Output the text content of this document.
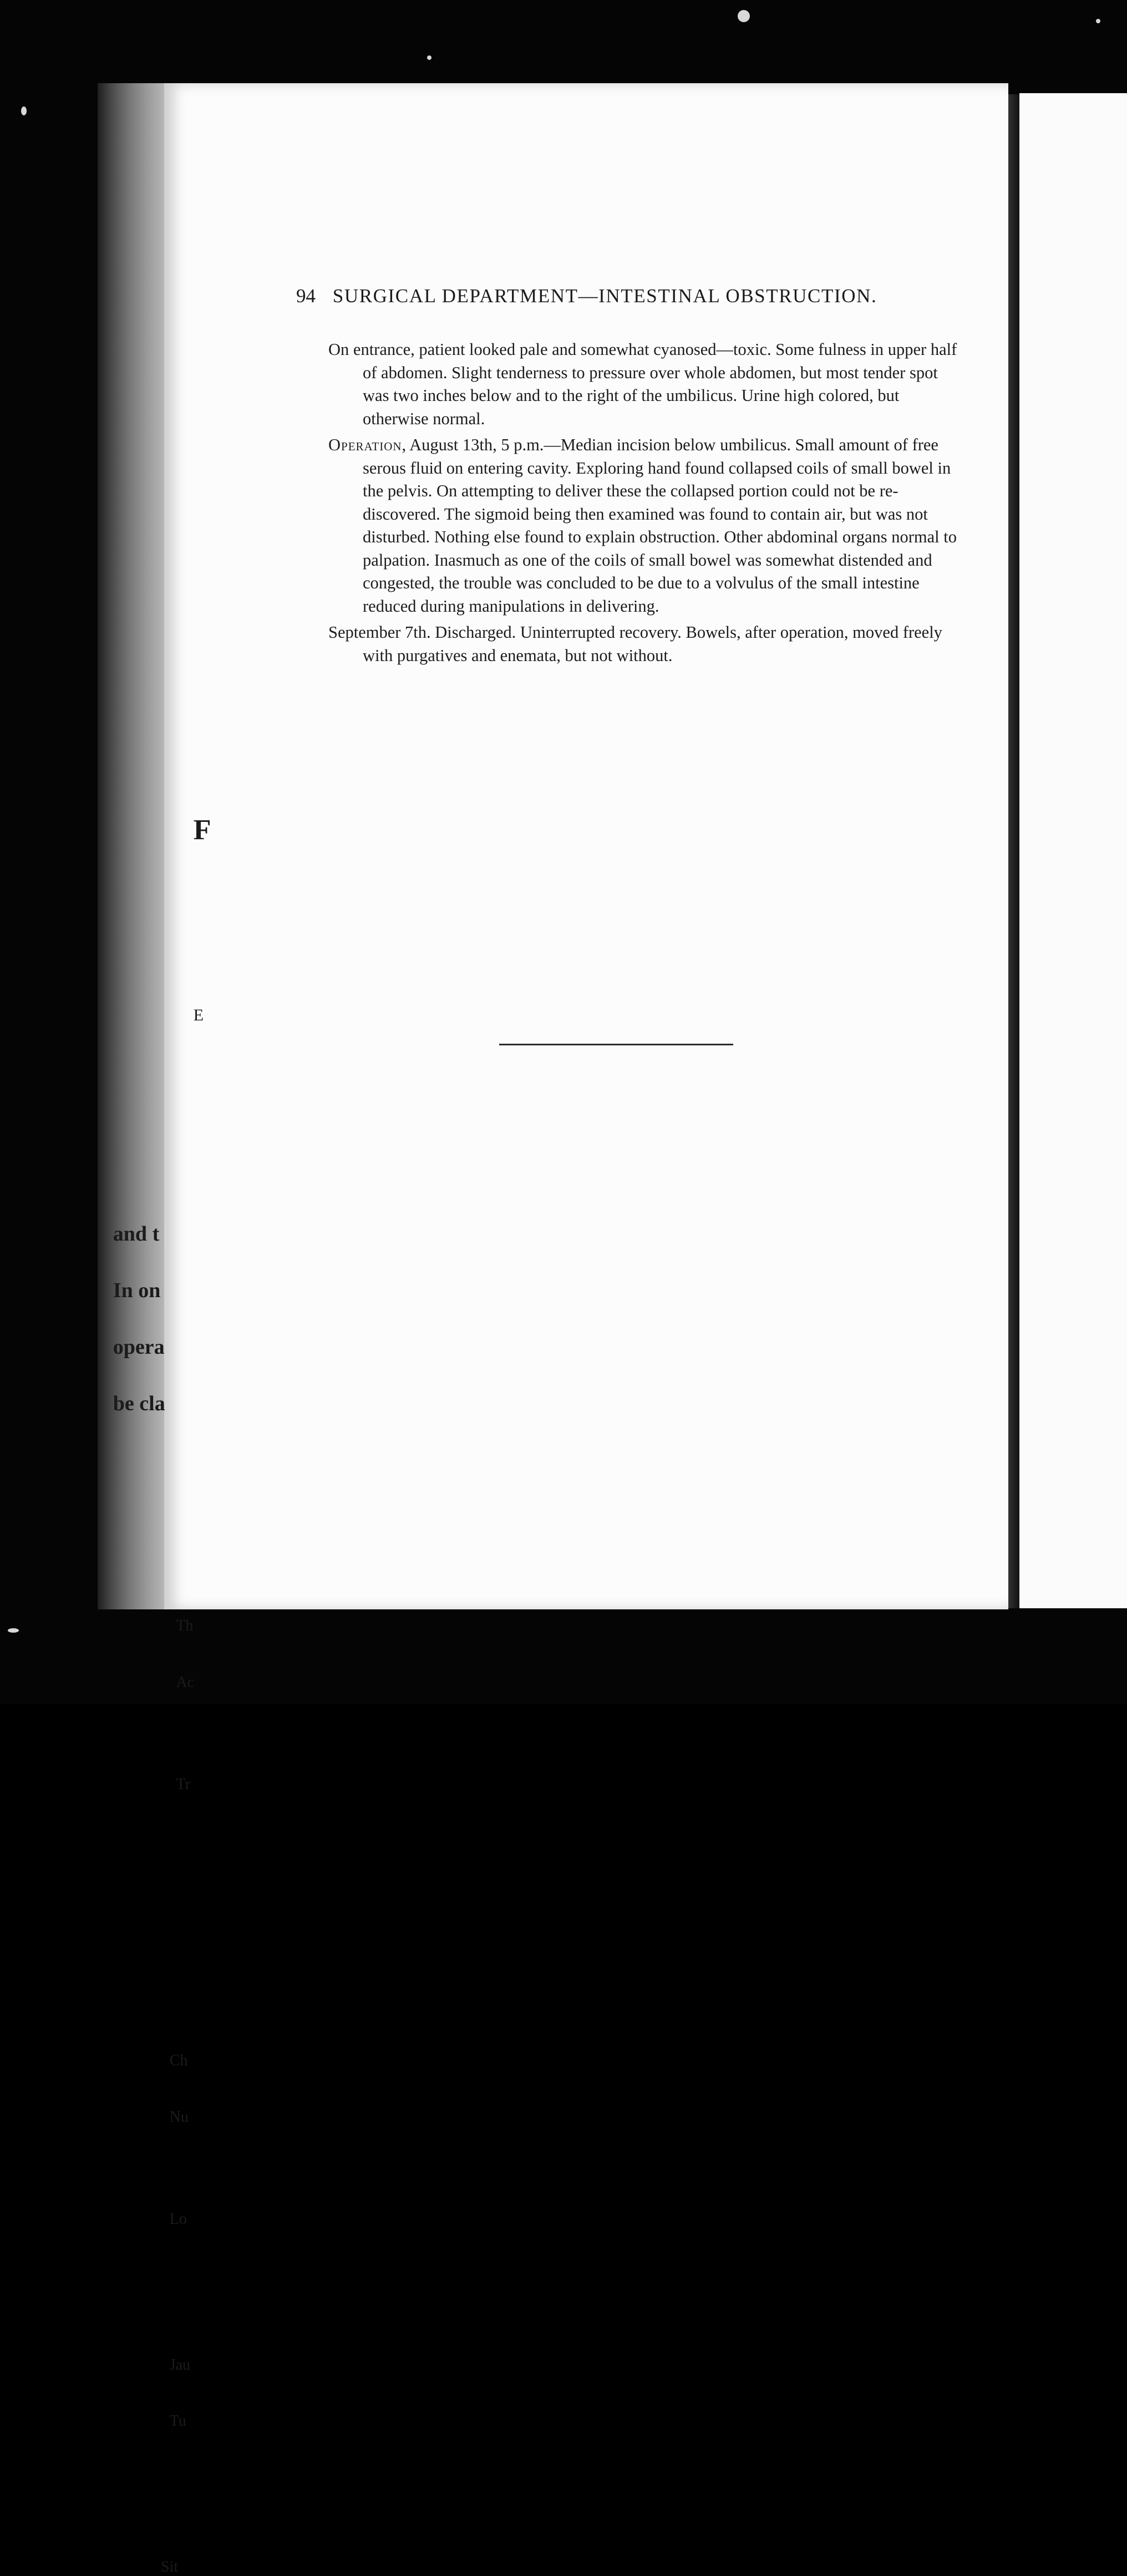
94 SURGICAL DEPARTMENT—INTESTINAL OBSTRUCTION.

On entrance, patient looked pale and somewhat cyanosed—toxic. Some fulness in upper half of abdomen. Slight tenderness to pressure over whole abdomen, but most tender spot was two inches below and to the right of the umbilicus. Urine high colored, but otherwise normal.

Operation, August 13th, 5 p.m.—Median incision below umbilicus. Small amount of free serous fluid on entering cavity. Exploring hand found collapsed coils of small bowel in the pelvis. On attempting to deliver these the collapsed portion could not be re-discovered. The sigmoid being then examined was found to contain air, but was not disturbed. Nothing else found to explain obstruction. Other abdominal organs normal to palpation. Inasmuch as one of the coils of small bowel was somewhat distended and congested, the trouble was concluded to be due to a volvulus of the small intestine reduced during manipulations in delivering.

September 7th. Discharged. Uninterrupted recovery. Bowels, after operation, moved freely with purgatives and enemata, but not without.

F
E
and t
In on
opera
be cla
Th
Ac
Tr
Ch
Nu
Lo
Jau
Tu
Sit
